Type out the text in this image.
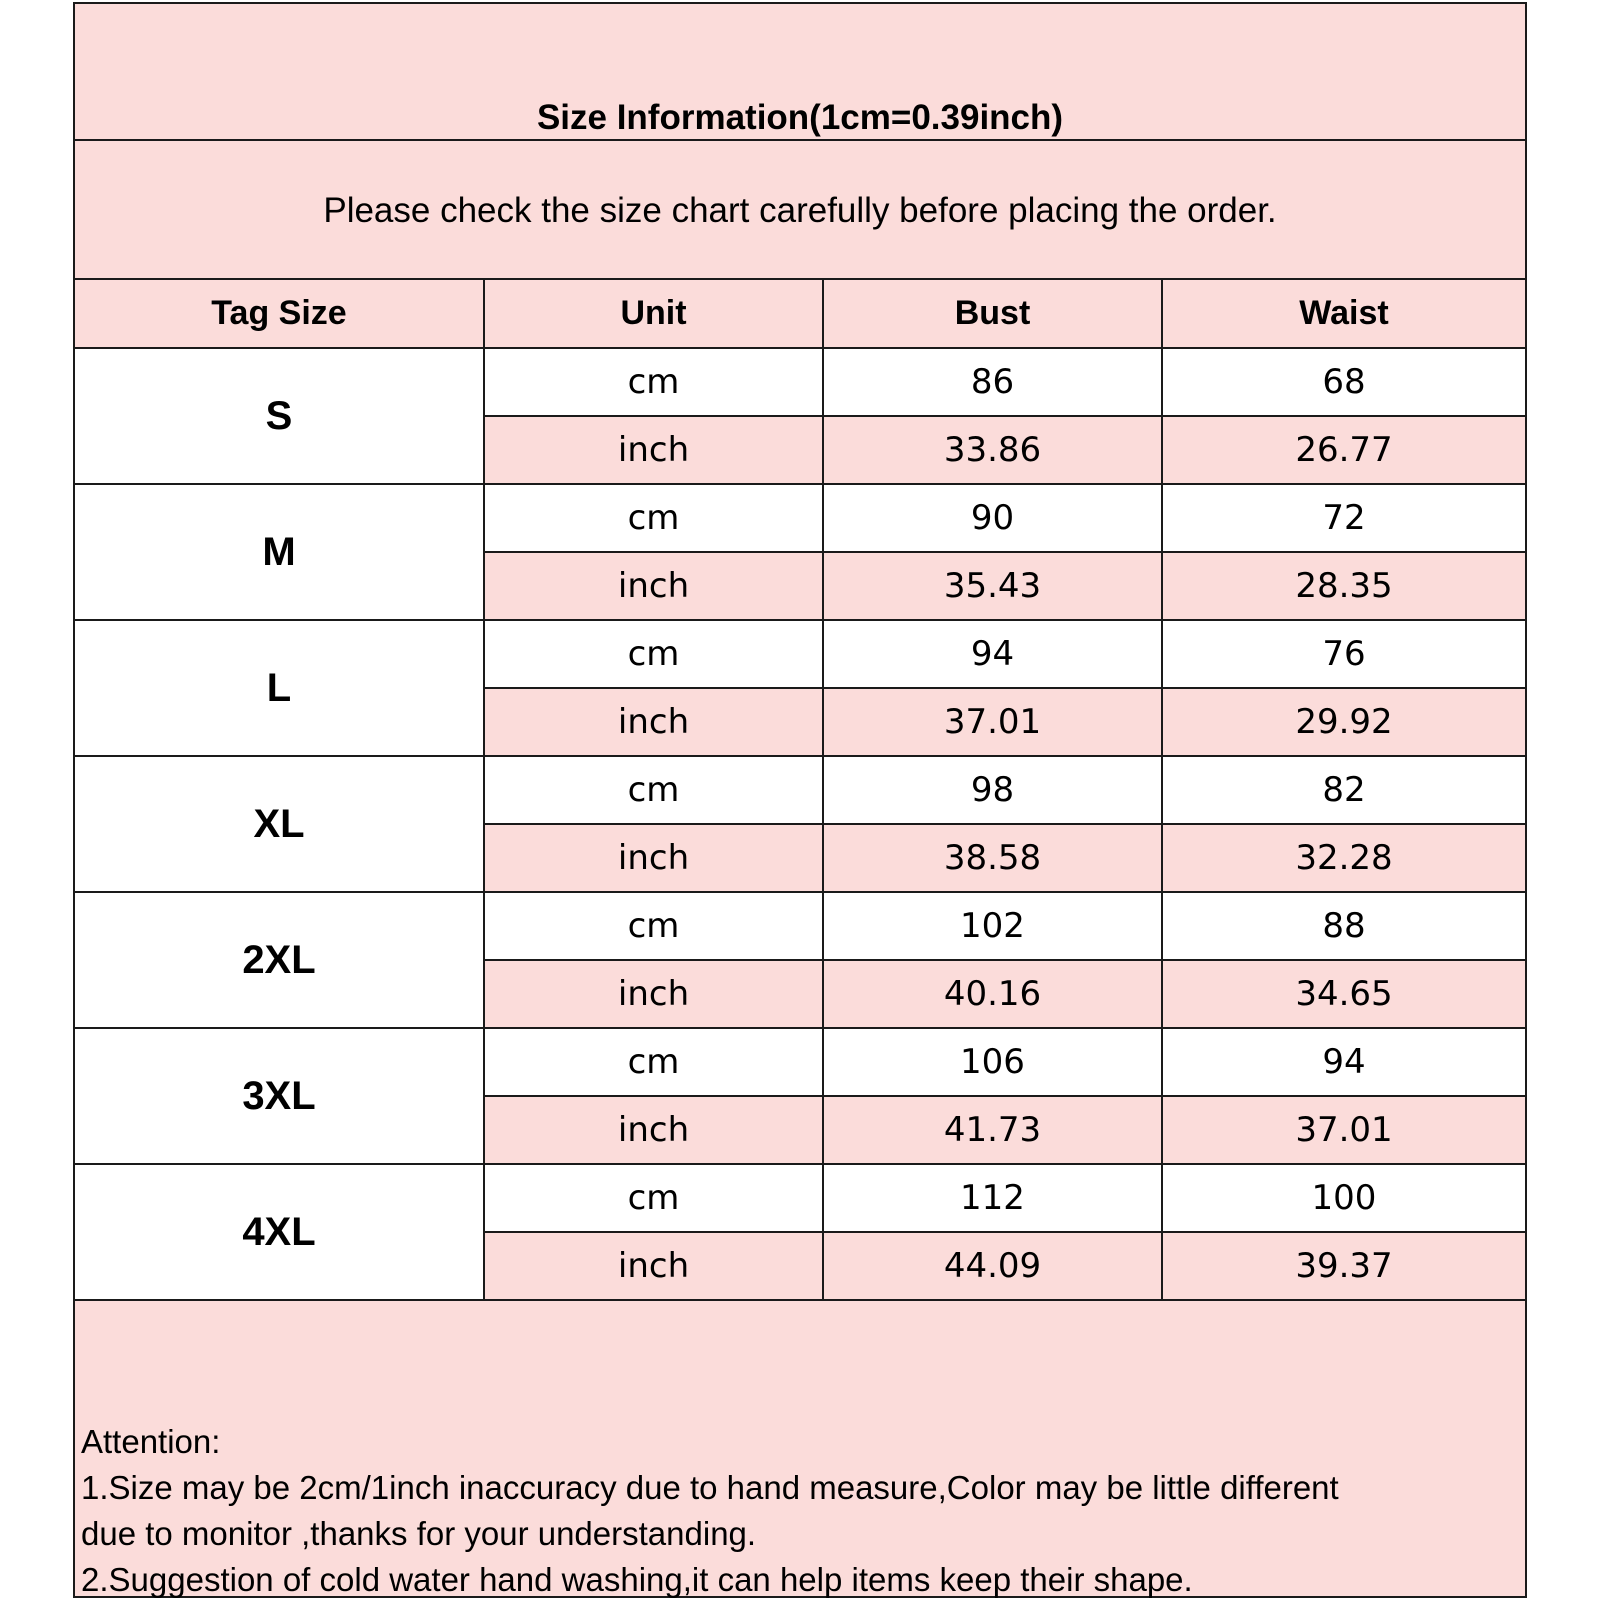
Size Information(1cm=0.39inch)
Please check the size chart carefully before placing the order.
Tag Size	Unit	Bust	Waist
S	cm	86	68
	inch	33.86	26.77
M	cm	90	72
	inch	35.43	28.35
L	cm	94	76
	inch	37.01	29.92
XL	cm	98	82
	inch	38.58	32.28
2XL	cm	102	88
	inch	40.16	34.65
3XL	cm	106	94
	inch	41.73	37.01
4XL	cm	112	100
	inch	44.09	39.37
Attention:
1.Size may be 2cm/1inch inaccuracy due to hand measure,Color may be little different
due to monitor ,thanks for your understanding.
2.Suggestion of cold water hand washing,it can help items keep their shape.
